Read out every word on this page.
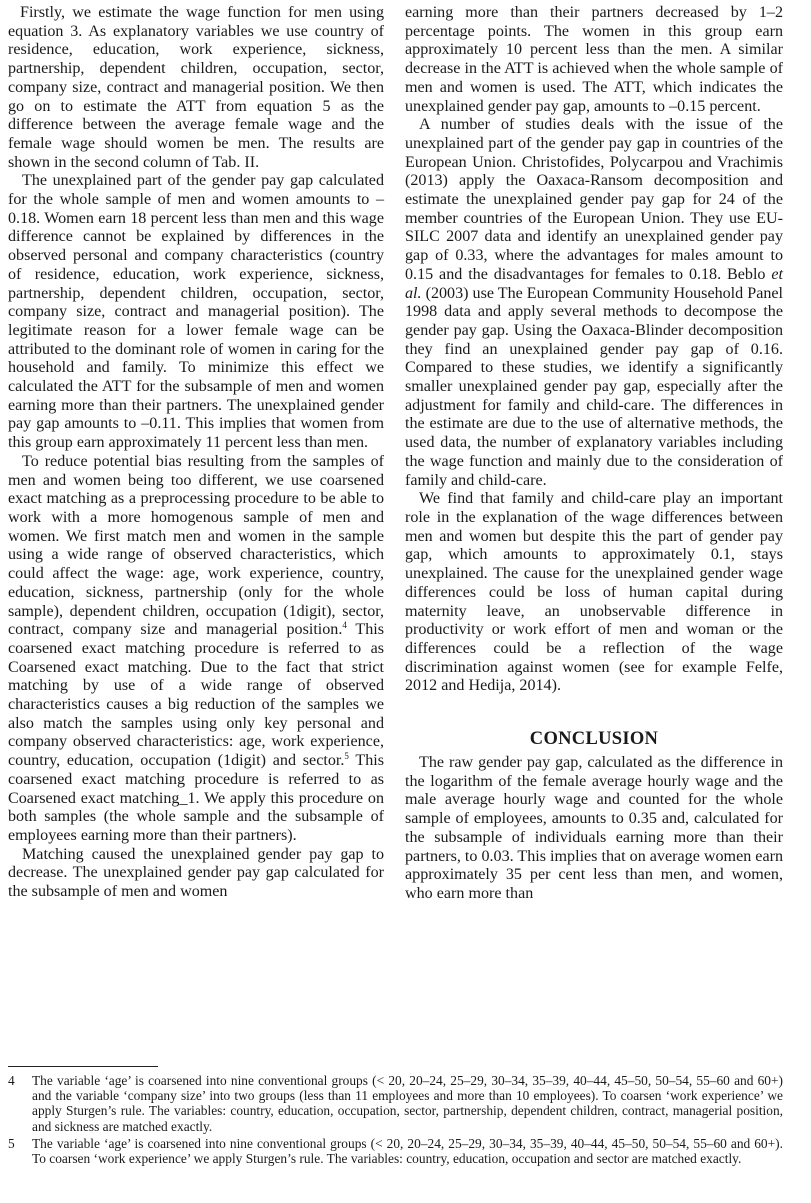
Firstly, we estimate the wage function for men using equation 3. As explanatory variables we use country of residence, education, work experience, sickness, partnership, dependent children, occupation, sector, company size, contract and managerial position. We then go on to estimate the ATT from equation 5 as the difference between the average female wage and the female wage should women be men. The results are shown in the second column of Tab. II.

The unexplained part of the gender pay gap calculated for the whole sample of men and women amounts to –0.18. Women earn 18 percent less than men and this wage difference cannot be explained by differences in the observed personal and company characteristics (country of residence, education, work experience, sickness, partnership, dependent children, occupation, sector, company size, contract and managerial position). The legitimate reason for a lower female wage can be attributed to the dominant role of women in caring for the household and family. To minimize this effect we calculated the ATT for the subsample of men and women earning more than their partners. The unexplained gender pay gap amounts to –0.11. This implies that women from this group earn approximately 11 percent less than men.

To reduce potential bias resulting from the samples of men and women being too different, we use coarsened exact matching as a preprocessing procedure to be able to work with a more homogenous sample of men and women. We first match men and women in the sample using a wide range of observed characteristics, which could affect the wage: age, work experience, country, education, sickness, partnership (only for the whole sample), dependent children, occupation (1digit), sector, contract, company size and managerial position.$^4$ This coarsened exact matching procedure is referred to as Coarsened exact matching. Due to the fact that strict matching by use of a wide range of observed characteristics causes a big reduction of the samples we also match the samples using only key personal and company observed characteristics: age, work experience, country, education, occupation (1digit) and sector.$^5$ This coarsened exact matching procedure is referred to as Coarsened exact matching_1. We apply this procedure on both samples (the whole sample and the subsample of employees earning more than their partners).

Matching caused the unexplained gender pay gap to decrease. The unexplained gender pay gap calculated for the subsample of men and women

earning more than their partners decreased by 1–2 percentage points. The women in this group earn approximately 10 percent less than the men. A similar decrease in the ATT is achieved when the whole sample of men and women is used. The ATT, which indicates the unexplained gender pay gap, amounts to –0.15 percent.

A number of studies deals with the issue of the unexplained part of the gender pay gap in countries of the European Union. Christofides, Polycarpou and Vrachimis (2013) apply the Oaxaca-Ransom decomposition and estimate the unexplained gender pay gap for 24 of the member countries of the European Union. They use EU-SILC 2007 data and identify an unexplained gender pay gap of 0.33, where the advantages for males amount to 0.15 and the disadvantages for females to 0.18. Beblo et al. (2003) use The European Community Household Panel 1998 data and apply several methods to decompose the gender pay gap. Using the Oaxaca-Blinder decomposition they find an unexplained gender pay gap of 0.16. Compared to these studies, we identify a significantly smaller unexplained gender pay gap, especially after the adjustment for family and child-care. The differences in the estimate are due to the use of alternative methods, the used data, the number of explanatory variables including the wage function and mainly due to the consideration of family and child-care.

We find that family and child-care play an important role in the explanation of the wage differences between men and women but despite this the part of gender pay gap, which amounts to approximately 0.1, stays unexplained. The cause for the unexplained gender wage differences could be loss of human capital during maternity leave, an unobservable difference in productivity or work effort of men and woman or the differences could be a reflection of the wage discrimination against women (see for example Felfe, 2012 and Hedija, 2014).

CONCLUSION

The raw gender pay gap, calculated as the difference in the logarithm of the female average hourly wage and the male average hourly wage and counted for the whole sample of employees, amounts to 0.35 and, calculated for the subsample of individuals earning more than their partners, to 0.03. This implies that on average women earn approximately 35 per cent less than men, and women, who earn more than

4	The variable ‘age’ is coarsened into nine conventional groups (< 20, 20–24, 25–29, 30–34, 35–39, 40–44, 45–50, 50–54, 55–60 and 60+) and the variable ‘company size’ into two groups (less than 11 employees and more than 10 employees). To coarsen ‘work experience’ we apply Sturgen’s rule. The variables: country, education, occupation, sector, partnership, dependent children, contract, managerial position, and sickness are matched exactly.
5	The variable ‘age’ is coarsened into nine conventional groups (< 20, 20–24, 25–29, 30–34, 35–39, 40–44, 45–50, 50–54, 55–60 and 60+). To coarsen ‘work experience’ we apply Sturgen’s rule. The variables: country, education, occupation and sector are matched exactly.
